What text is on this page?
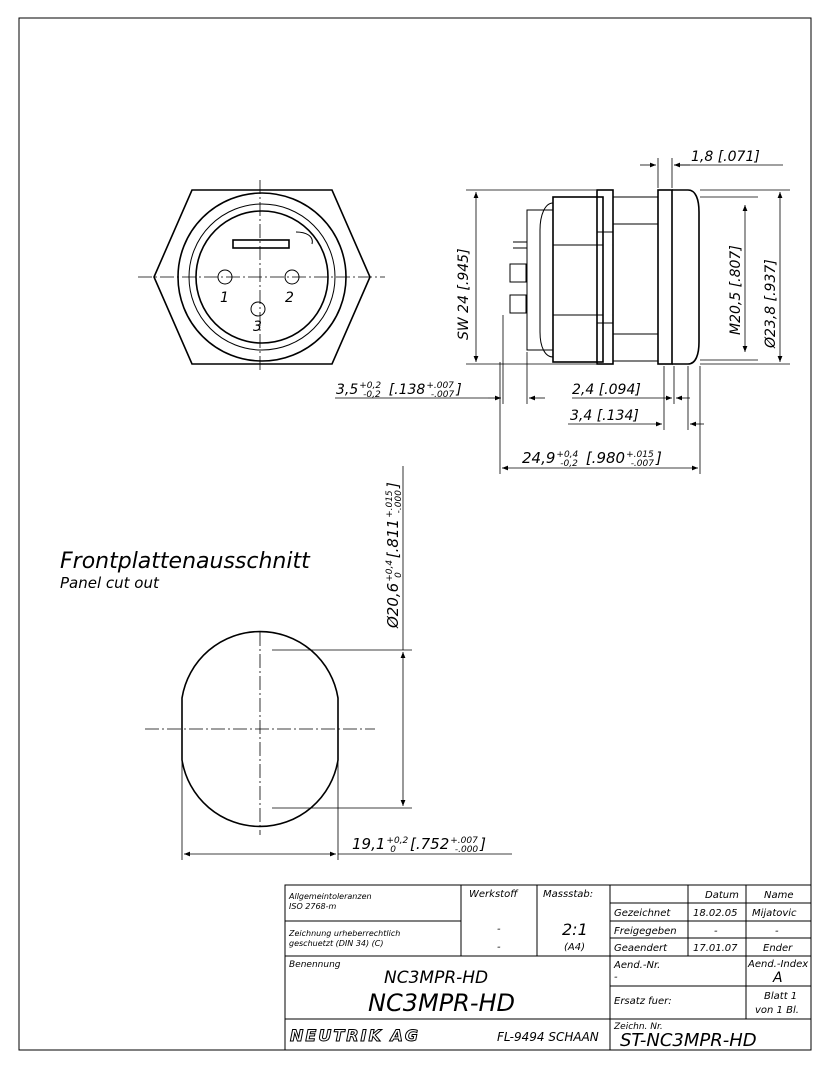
1	2
3	SW 24 [.945]	M20,5 [.807] Ø23,8 [.937]
1,8 [.071]
$3,5^{+0,2}$ -0,2 [$.138^{+.007}$ -.007 ]	2,4 [.094]
3,4 [.134]
$24,9^{+0,4}$ -0,2 [$.980^{+.015}$ -.007 ]
Frontplattenausschnitt
Panel cut out	$Ø20,6^{+0,4}0[.811^{+.015}-.000]$
$19,1^{+0,2}$ 0 [$.752^{+.007}$ -.000 ]
Allgemeintoleranzen
ISO 2768-m
Zeichnung urheberrechtlich
geschuetzt (DIN 34) (C)
Werkstoff
-
-
Massstab:
2:1
(A4)
Datum	Name
Gezeichnet 18.02.05 Mijatovic
Freigegeben	-	-
Geaendert	17.01.07	Ender
Benennung
NC3MPR-HD
NC3MPR-HD
Aend.-Nr.
-
Aend.-Index
A
Ersatz fuer:	Blatt 1
von 1 Bl.
NEUTRIK AG	FL-9494 SCHAAN
Zeichn. Nr.
ST-NC3MPR-HD
